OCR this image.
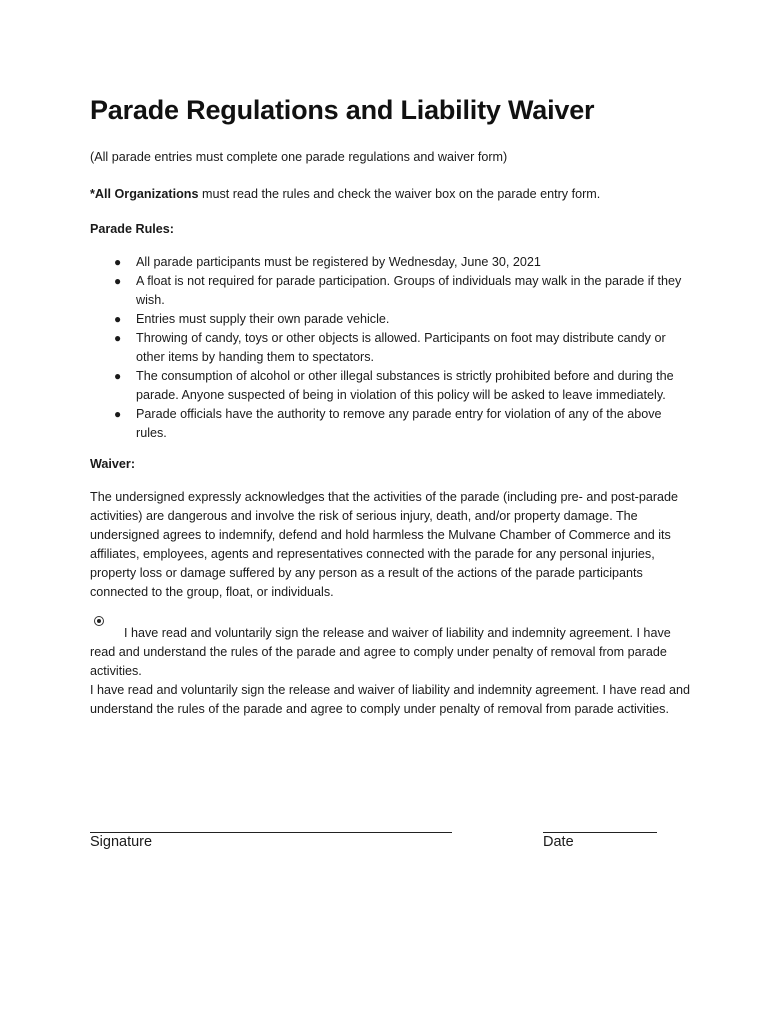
Parade Regulations and Liability Waiver

(All parade entries must complete one parade regulations and waiver form)

*All Organizations must read the rules and check the waiver box on the parade entry form.

Parade Rules:

● All parade participants must be registered by Wednesday, June 30, 2021
● A float is not required for parade participation. Groups of individuals may walk in the parade if they wish.
● Entries must supply their own parade vehicle.
● Throwing of candy, toys or other objects is allowed. Participants on foot may distribute candy or other items by handing them to spectators.
● The consumption of alcohol or other illegal substances is strictly prohibited before and during the parade. Anyone suspected of being in violation of this policy will be asked to leave immediately.
● Parade officials have the authority to remove any parade entry for violation of any of the above rules.

Waiver:

The undersigned expressly acknowledges that the activities of the parade (including pre- and post-parade activities) are dangerous and involve the risk of serious injury, death, and/or property damage. The undersigned agrees to indemnify, defend and hold harmless the Mulvane Chamber of Commerce and its affiliates, employees, agents and representatives connected with the parade for any personal injuries, property loss or damage suffered by any person as a result of the actions of the parade participants connected to the group, float, or individuals.

I have read and voluntarily sign the release and waiver of liability and indemnity agreement. I have read and understand the rules of the parade and agree to comply under penalty of removal from parade activities.

I have read and voluntarily sign the release and waiver of liability and indemnity agreement. I have read and understand the rules of the parade and agree to comply under penalty of removal from parade activities.

Signature	Date
